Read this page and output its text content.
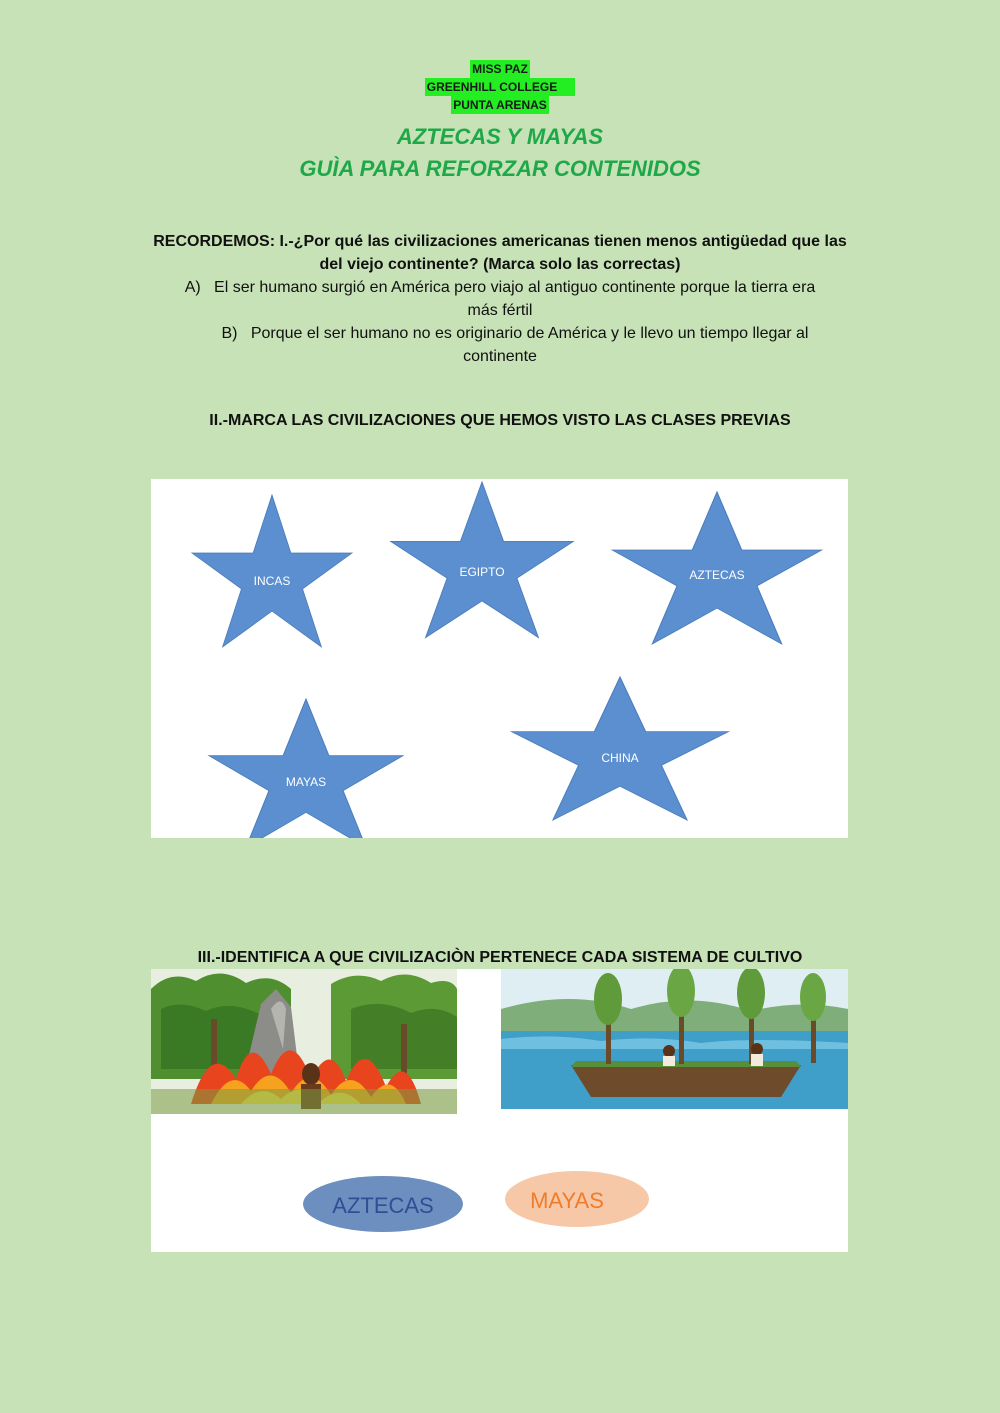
MISS PAZ
GREENHILL COLLEGE
PUNTA ARENAS
AZTECAS Y MAYAS
GUÌA PARA REFORZAR CONTENIDOS
RECORDEMOS: I.-¿Por qué las civilizaciones americanas tienen menos antigüedad que las
del viejo continente? (Marca solo las correctas)
A) El ser humano surgió en América pero viajo al antiguo continente porque la tierra era
más fértil
B) Porque el ser humano no es originario de América y le llevo un tiempo llegar al
continente
II.-MARCA LAS CIVILIZACIONES QUE HEMOS VISTO LAS CLASES PREVIAS
INCAS
EGIPTO	AZTECAS
MAYAS
CHINA
III.-IDENTIFICA A QUE CIVILIZACIÒN PERTENECE CADA SISTEMA DE CULTIVO
AZTECAS	MAYAS
